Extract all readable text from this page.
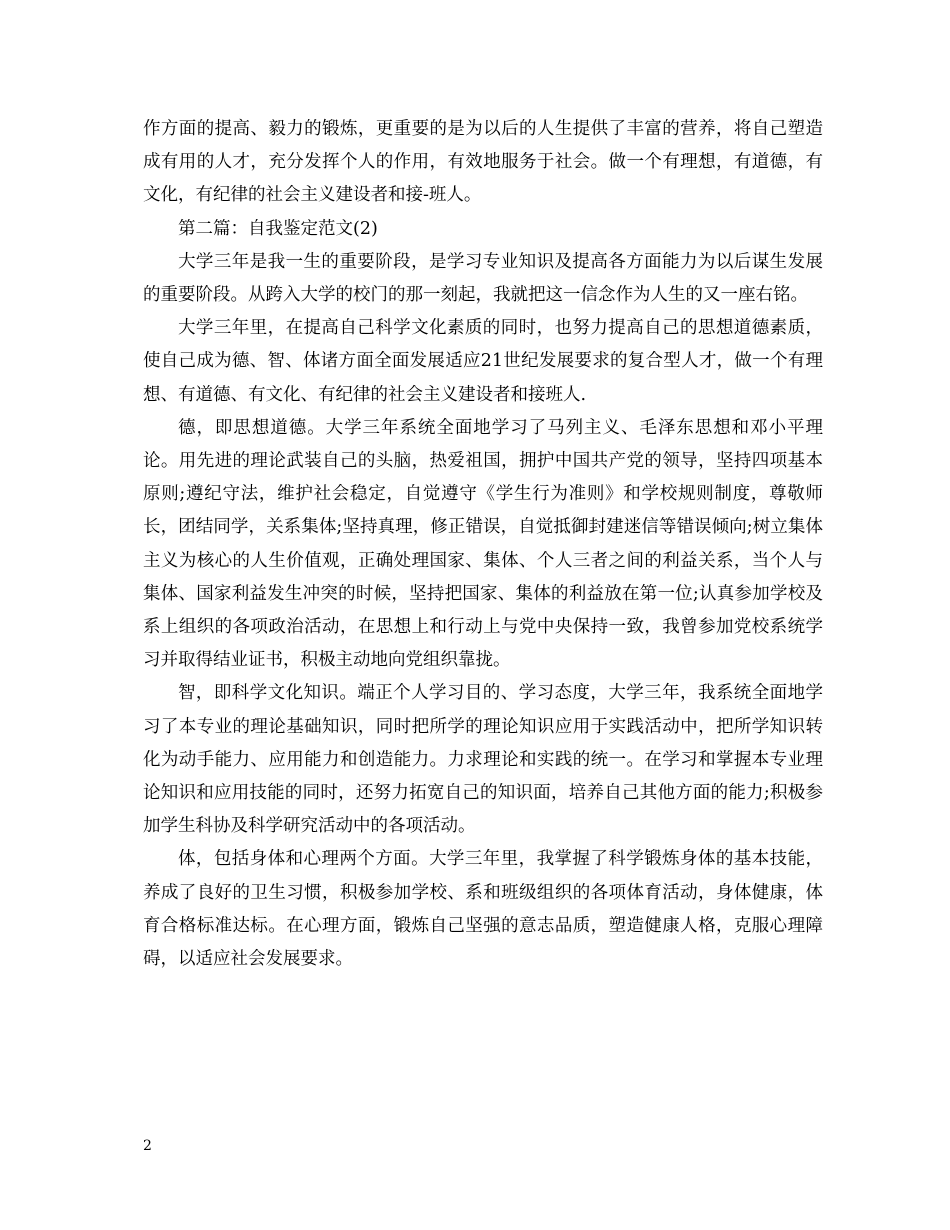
作方面的提高、毅力的锻炼，更重要的是为以后的人生提供了丰富的营养，将自己塑造成有用的人才，充分发挥个人的作用，有效地服务于社会。做一个有理想，有道德，有文化，有纪律的社会主义建设者和接-班人。

第二篇：自我鉴定范文(2)

大学三年是我一生的重要阶段，是学习专业知识及提高各方面能力为以后谋生发展的重要阶段。从跨入大学的校门的那一刻起，我就把这一信念作为人生的又一座右铭。

大学三年里，在提高自己科学文化素质的同时，也努力提高自己的思想道德素质，使自己成为德、智、体诸方面全面发展适应21世纪发展要求的复合型人才，做一个有理想、有道德、有文化、有纪律的社会主义建设者和接班人.

德，即思想道德。大学三年系统全面地学习了马列主义、毛泽东思想和邓小平理论。用先进的理论武装自己的头脑，热爱祖国，拥护中国共产党的领导，坚持四项基本原则;遵纪守法，维护社会稳定，自觉遵守《学生行为准则》和学校规则制度，尊敬师长，团结同学，关系集体;坚持真理，修正错误，自觉抵御封建迷信等错误倾向;树立集体主义为核心的人生价值观，正确处理国家、集体、个人三者之间的利益关系，当个人与集体、国家利益发生冲突的时候，坚持把国家、集体的利益放在第一位;认真参加学校及系上组织的各项政治活动，在思想上和行动上与党中央保持一致，我曾参加党校系统学习并取得结业证书，积极主动地向党组织靠拢。

智，即科学文化知识。端正个人学习目的、学习态度，大学三年，我系统全面地学习了本专业的理论基础知识，同时把所学的理论知识应用于实践活动中，把所学知识转化为动手能力、应用能力和创造能力。力求理论和实践的统一。在学习和掌握本专业理论知识和应用技能的同时，还努力拓宽自己的知识面，培养自己其他方面的能力;积极参加学生科协及科学研究活动中的各项活动。

体，包括身体和心理两个方面。大学三年里，我掌握了科学锻炼身体的基本技能，养成了良好的卫生习惯，积极参加学校、系和班级组织的各项体育活动，身体健康，体育合格标准达标。在心理方面，锻炼自己坚强的意志品质，塑造健康人格，克服心理障碍，以适应社会发展要求。

2
